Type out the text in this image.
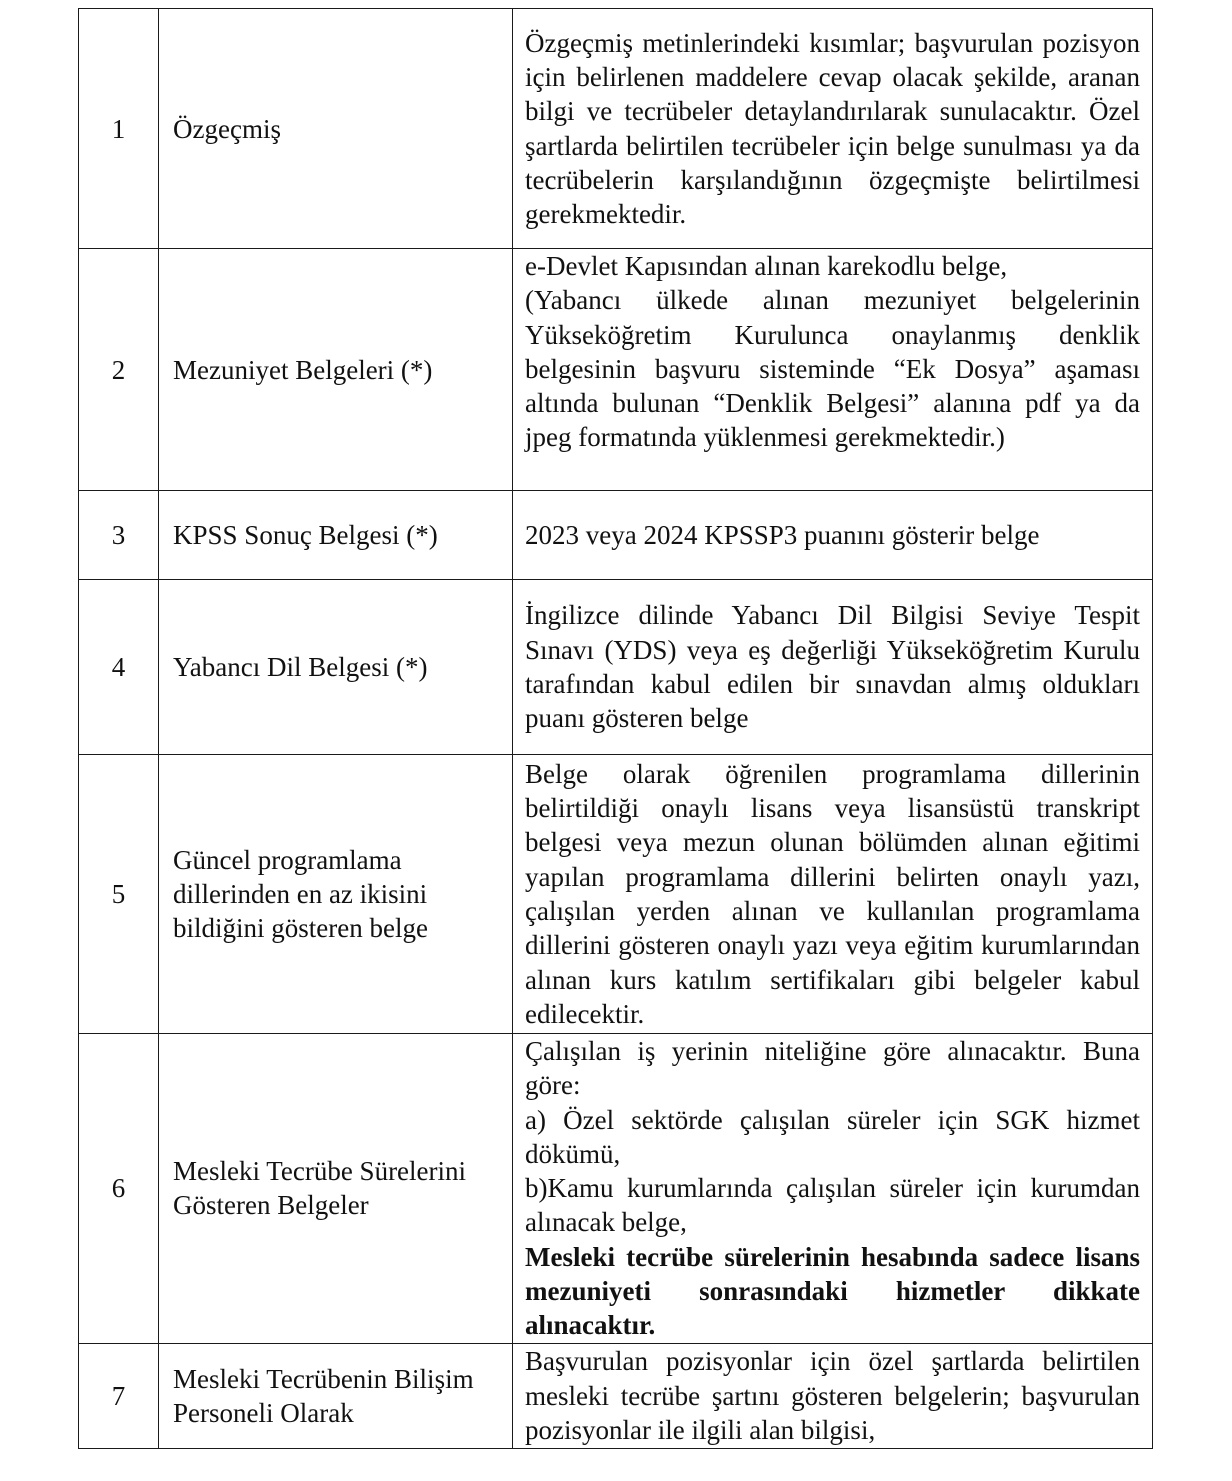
1	Özgeçmiş	Özgeçmiş metinlerindeki kısımlar; başvurulan pozisyon için belirlenen maddelere cevap olacak şekilde, aranan bilgi ve tecrübeler detaylandırılarak sunulacaktır. Özel şartlarda belirtilen tecrübeler için belge sunulması ya da tecrübelerin karşılandığının özgeçmişte belirtilmesi gerekmektedir.

2	Mezuniyet Belgeleri (*)	e-Devlet Kapısından alınan karekodlu belge,
(Yabancı ülkede alınan mezuniyet belgelerinin Yükseköğretim Kurulunca onaylanmış denklik belgesinin başvuru sisteminde “Ek Dosya” aşaması altında bulunan “Denklik Belgesi” alanına pdf ya da jpeg formatında yüklenmesi gerekmektedir.)

3	KPSS Sonuç Belgesi (*)	2023 veya 2024 KPSSP3 puanını gösterir belge

4	Yabancı Dil Belgesi (*)	İngilizce dilinde Yabancı Dil Bilgisi Seviye Tespit Sınavı (YDS) veya eş değerliği Yükseköğretim Kurulu tarafından kabul edilen bir sınavdan almış oldukları puanı gösteren belge

5	Güncel programlama dillerinden en az ikisini bildiğini gösteren belge	Belge olarak öğrenilen programlama dillerinin belirtildiği onaylı lisans veya lisansüstü transkript belgesi veya mezun olunan bölümden alınan eğitimi yapılan programlama dillerini belirten onaylı yazı, çalışılan yerden alınan ve kullanılan programlama dillerini gösteren onaylı yazı veya eğitim kurumlarından alınan kurs katılım sertifikaları gibi belgeler kabul edilecektir.

6	Mesleki Tecrübe Sürelerini Gösteren Belgeler	Çalışılan iş yerinin niteliğine göre alınacaktır. Buna göre:
a) Özel sektörde çalışılan süreler için SGK hizmet dökümü,
b)Kamu kurumlarında çalışılan süreler için kurumdan alınacak belge,
Mesleki tecrübe sürelerinin hesabında sadece lisans mezuniyeti sonrasındaki hizmetler dikkate alınacaktır.

7	Mesleki Tecrübenin Bilişim Personeli Olarak	Başvurulan pozisyonlar için özel şartlarda belirtilen mesleki tecrübe şartını gösteren belgelerin; başvurulan pozisyonlar ile ilgili alan bilgisi,
